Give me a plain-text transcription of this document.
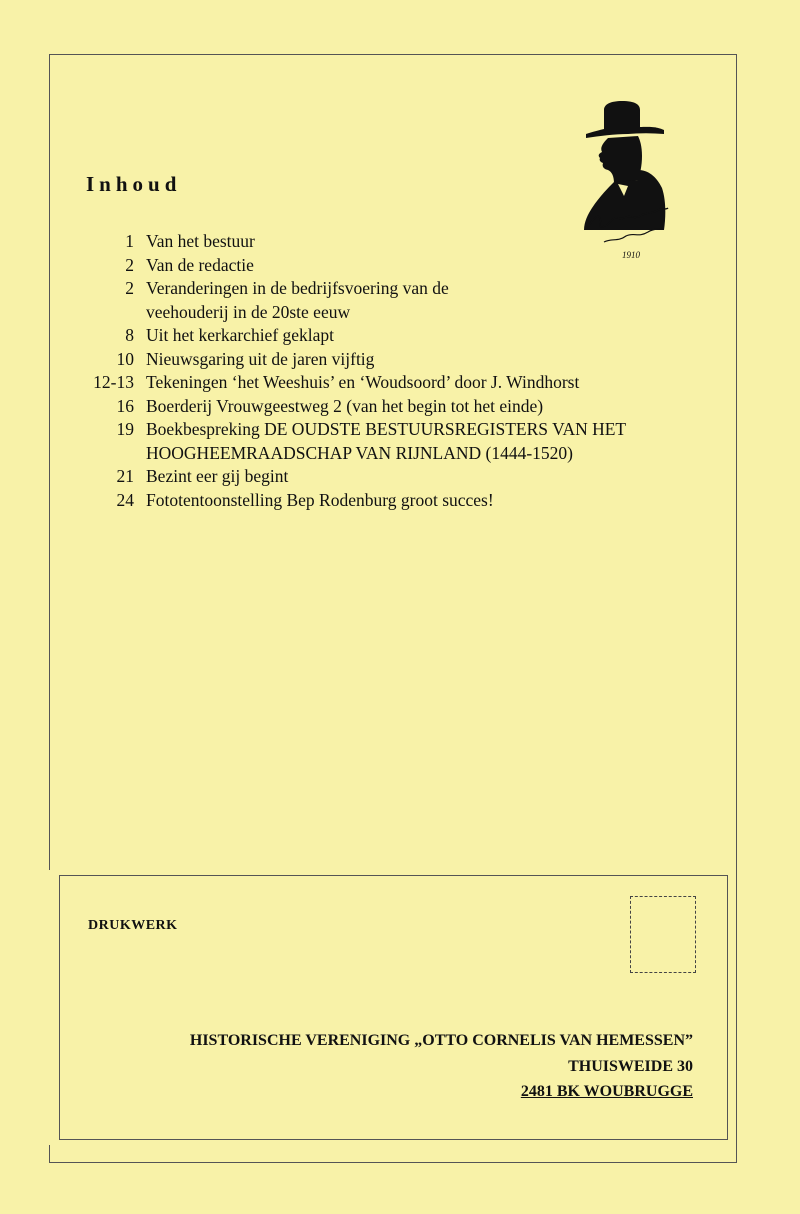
Inhoud
1 Van het bestuur
2 Van de redactie
2 Veranderingen in de bedrijfsvoering van de
veehouderij in de 20ste eeuw
8 Uit het kerkarchief geklapt
10 Nieuwsgaring uit de jaren vijftig
12-13 Tekeningen ‘het Weeshuis’ en ‘Woudsoord’ door J. Windhorst
16 Boerderij Vrouwgeestweg 2 (van het begin tot het einde)
19 Boekbespreking DE OUDSTE BESTUURSREGISTERS VAN HET
HOOGHEEMRAADSCHAP VAN RIJNLAND (1444-1520)
21 Bezint eer gij begint
24 Fototentoonstelling Bep Rodenburg groot succes!
1910
DRUKWERK
HISTORISCHE VERENIGING „OTTO CORNELIS VAN HEMESSEN”
THUISWEIDE 30
2481 BK WOUBRUGGE
